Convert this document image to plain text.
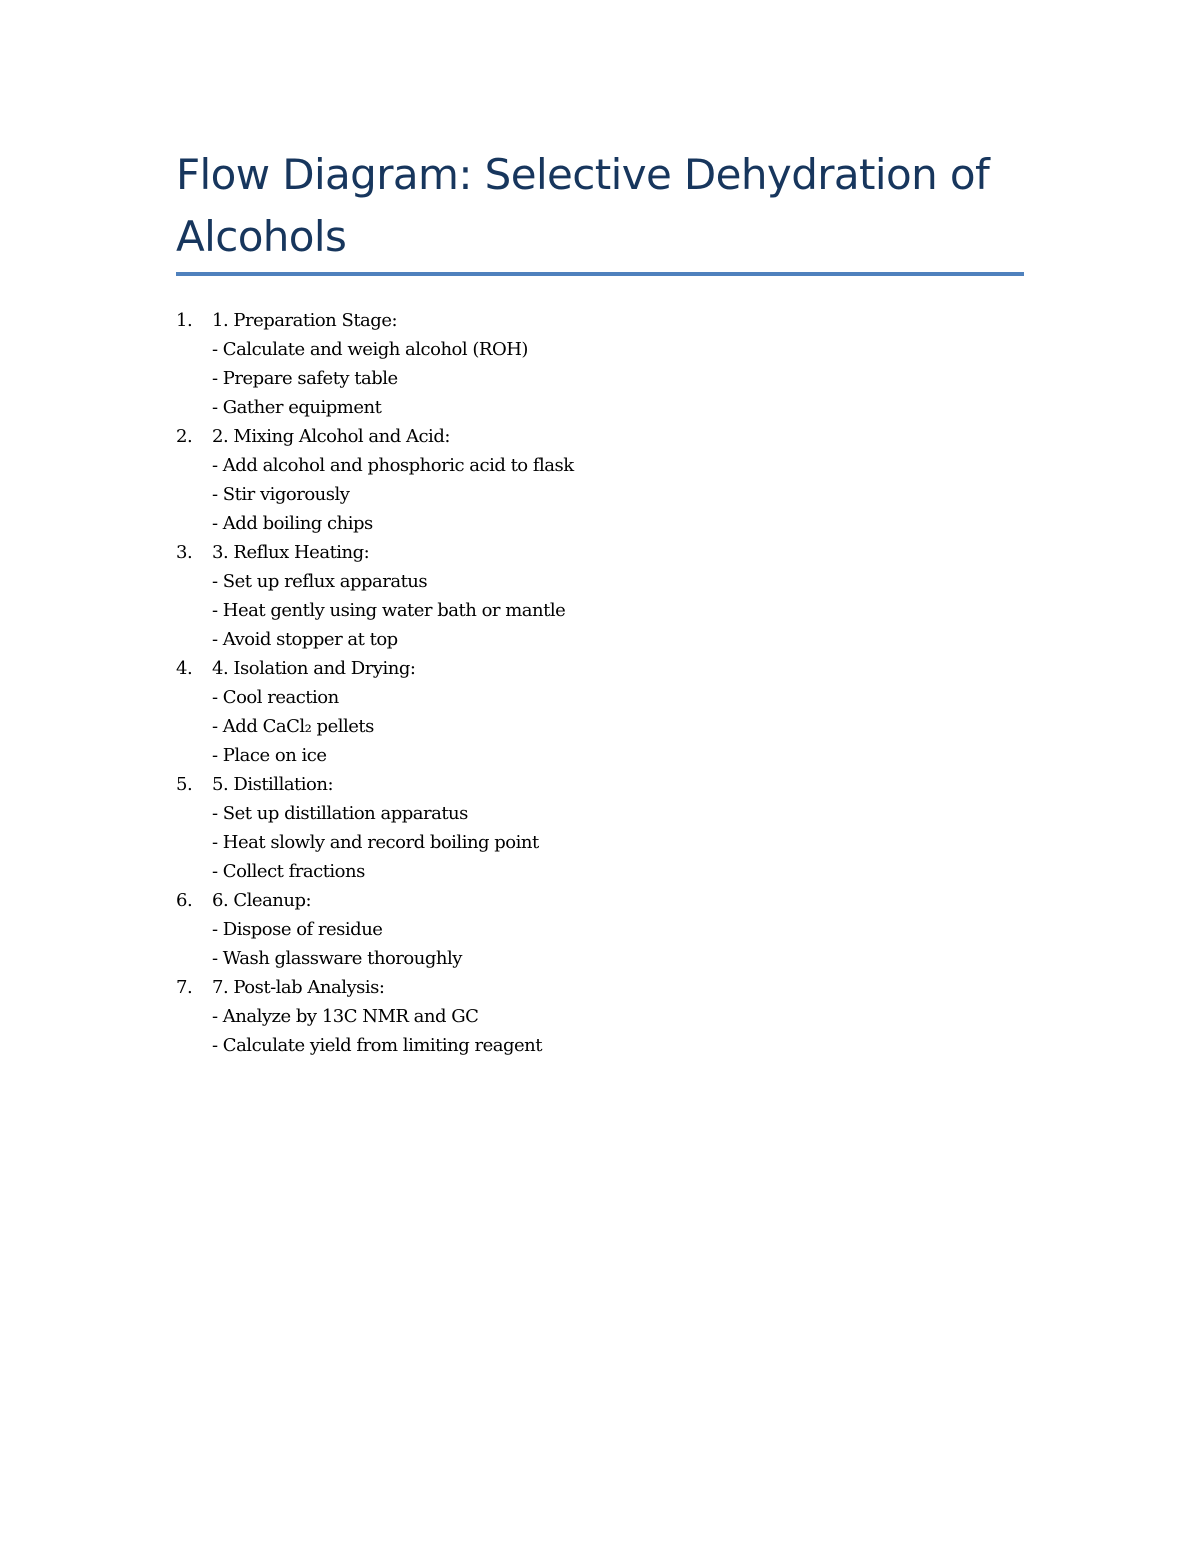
Flow Diagram: Selective Dehydration of Alcohols
1. 1. Preparation Stage:
- Calculate and weigh alcohol (ROH)
- Prepare safety table
- Gather equipment
2. 2. Mixing Alcohol and Acid:
- Add alcohol and phosphoric acid to flask
- Stir vigorously
- Add boiling chips
3. 3. Reflux Heating:
- Set up reflux apparatus
- Heat gently using water bath or mantle
- Avoid stopper at top
4. 4. Isolation and Drying:
- Cool reaction
- Add CaCl₂ pellets
- Place on ice
5. 5. Distillation:
- Set up distillation apparatus
- Heat slowly and record boiling point
- Collect fractions
6. 6. Cleanup:
- Dispose of residue
- Wash glassware thoroughly
7. 7. Post-lab Analysis:
- Analyze by 13C NMR and GC
- Calculate yield from limiting reagent
